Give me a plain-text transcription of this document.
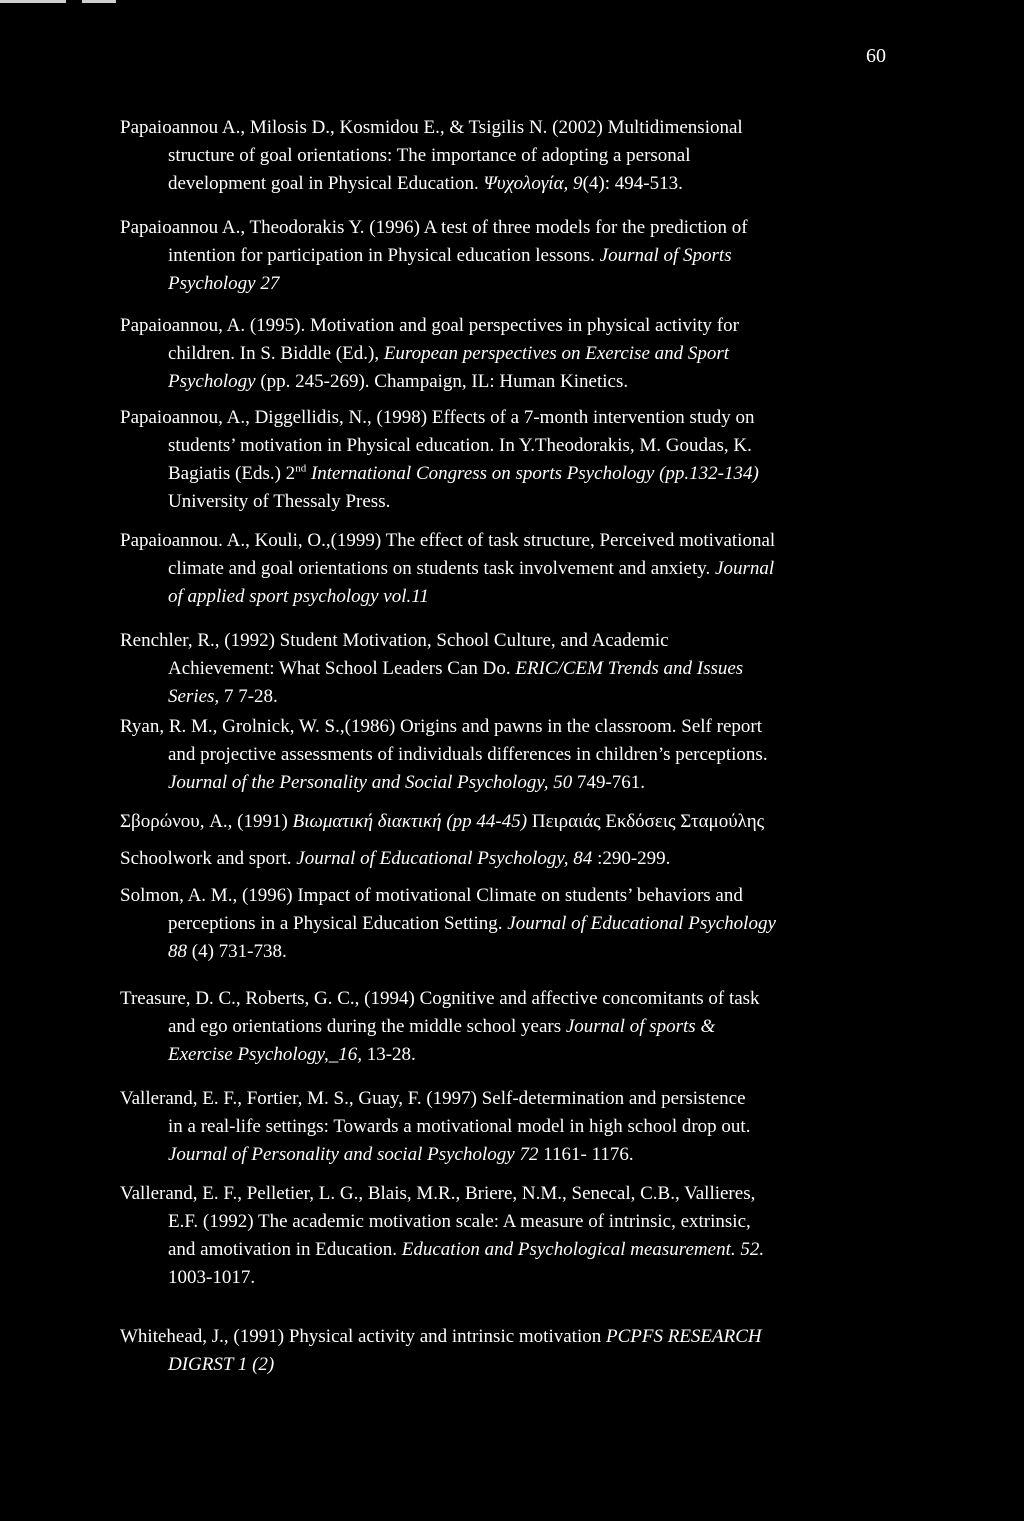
60

Papaioannou A., Milosis D., Kosmidou E., & Tsigilis N. (2002) Multidimensional
structure of goal orientations: The importance of adopting a personal
development goal in Physical Education. Ψυχολογία, 9(4): 494-513.

Papaioannou A., Theodorakis Y. (1996) A test of three models for the prediction of
intention for participation in Physical education lessons. Journal of Sports
Psychology 27

Papaioannou, A. (1995). Motivation and goal perspectives in physical activity for
children. In S. Biddle (Ed.), European perspectives on Exercise and Sport
Psychology (pp. 245-269). Champaign, IL: Human Kinetics.

Papaioannou, A., Diggellidis, N., (1998) Effects of a 7-month intervention study on
students’ motivation in Physical education. In Y.Theodorakis, M. Goudas, K.
Bagiatis (Eds.) 2nd International Congress on sports Psychology (pp.132-134)
University of Thessaly Press.

Papaioannou. A., Kouli, O.,(1999) The effect of task structure, Perceived motivational
climate and goal orientations on students task involvement and anxiety. Journal
of applied sport psychology vol.11

Renchler, R., (1992) Student Motivation, School Culture, and Academic
Achievement: What School Leaders Can Do. ERIC/CEM Trends and Issues
Series, 7 7-28.

Ryan, R. M., Grolnick, W. S.,(1986) Origins and pawns in the classroom. Self report
and projective assessments of individuals differences in children’s perceptions.
Journal of the Personality and Social Psychology, 50 749-761.

Σβορώνου, A., (1991) Βιωματική διακτική (pp 44-45) Πειραιάς Εκδόσεις Σταμούλης

Schoolwork and sport. Journal of Educational Psychology, 84 :290-299.

Solmon, A. M., (1996) Impact of motivational Climate on students’ behaviors and
perceptions in a Physical Education Setting. Journal of Educational Psychology
88 (4) 731-738.

Treasure, D. C., Roberts, G. C., (1994) Cognitive and affective concomitants of task
and ego orientations during the middle school years Journal of sports &
Exercise Psychology,_16, 13-28.

Vallerand, E. F., Fortier, M. S., Guay, F. (1997) Self-determination and persistence
in a real-life settings: Towards a motivational model in high school drop out.
Journal of Personality and social Psychology 72 1161- 1176.

Vallerand, E. F., Pelletier, L. G., Blais, M.R., Briere, N.M., Senecal, C.B., Vallieres,
E.F. (1992) The academic motivation scale: A measure of intrinsic, extrinsic,
and amotivation in Education. Education and Psychological measurement. 52.
1003-1017.

Whitehead, J., (1991) Physical activity and intrinsic motivation PCPFS RESEARCH
DIGRST 1 (2)
